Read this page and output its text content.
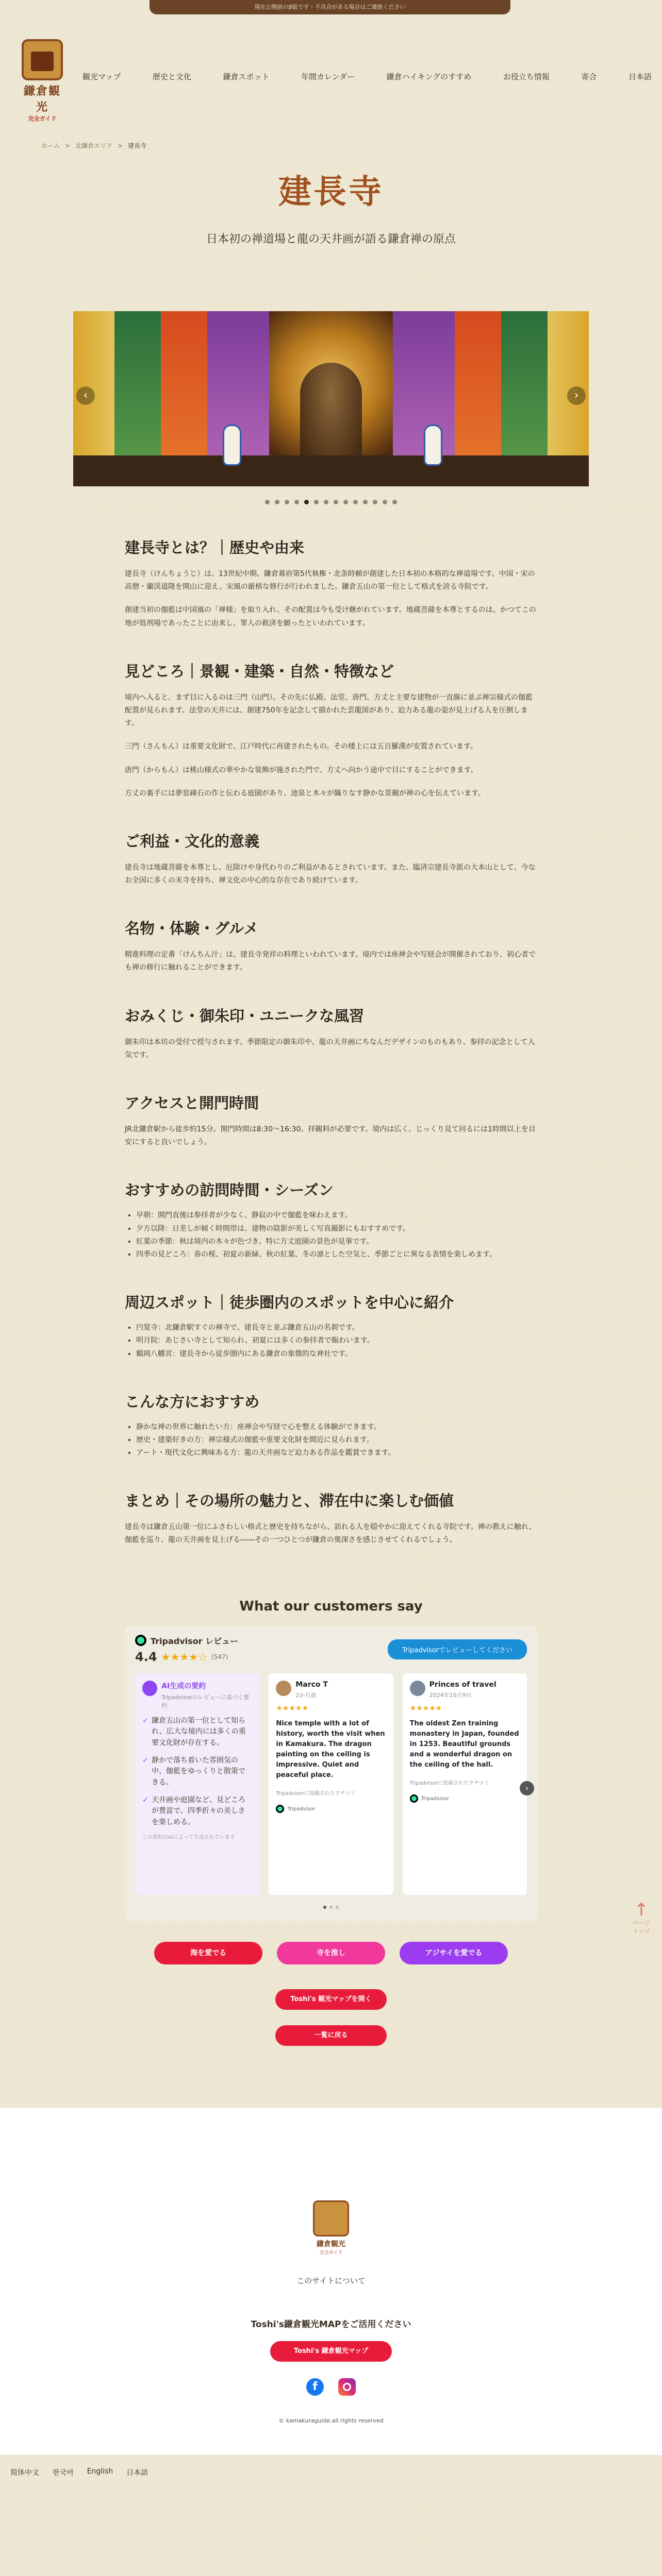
現在公開前のβ版です・不具合がある場合はご連絡ください
鎌倉観光
完全ガイド
観光マップ	歴史と文化	鎌倉スポット	年間カレンダー	鎌倉ハイキングのすすめ	お役立ち情報	寄合	日本語
ホーム > 北鎌倉エリア > 建長寺
建長寺
日本初の禅道場と龍の天井画が語る鎌倉禅の原点
‹	›
建長寺とは？｜歴史や由来

建長寺（けんちょうじ）は、13世紀中期、鎌倉幕府第5代執権・北条時頼が創建した日本初の本格的な禅道場です。中国・宋の高僧・蘭渓道隆を開山に迎え、宋風の厳格な修行が行われました。鎌倉五山の第一位として格式を誇る寺院です。

創建当初の伽藍は中国風の「禅様」を取り入れ、その配置は今も受け継がれています。地蔵菩薩を本尊とするのは、かつてこの地が処刑場であったことに由来し、罪人の救済を願ったといわれています。

見どころ｜景観・建築・自然・特徴など

境内へ入ると、まず目に入るのは三門（山門）。その先に仏殿、法堂、唐門、方丈と主要な建物が一直線に並ぶ禅宗様式の伽藍配置が見られます。法堂の天井には、創建750年を記念して描かれた雲龍図があり、迫力ある龍の姿が見上げる人を圧倒します。

三門（さんもん）は重要文化財で、江戸時代に再建されたもの。その楼上には五百羅漢が安置されています。

唐門（からもん）は桃山様式の華やかな装飾が施された門で、方丈へ向かう途中で目にすることができます。

方丈の裏手には夢窓疎石の作と伝わる庭園があり、池泉と木々が織りなす静かな景観が禅の心を伝えています。

ご利益・文化的意義

建長寺は地蔵菩薩を本尊とし、厄除けや身代わりのご利益があるとされています。また、臨済宗建長寺派の大本山として、今なお全国に多くの末寺を持ち、禅文化の中心的な存在であり続けています。

名物・体験・グルメ

精進料理の定番「けんちん汁」は、建長寺発祥の料理といわれています。境内では座禅会や写経会が開催されており、初心者でも禅の修行に触れることができます。

おみくじ・御朱印・ユニークな風習

御朱印は本坊の受付で授与されます。季節限定の御朱印や、龍の天井画にちなんだデザインのものもあり、参拝の記念として人気です。

アクセスと開門時間

JR北鎌倉駅から徒歩約15分。開門時間は8:30〜16:30。拝観料が必要です。境内は広く、じっくり見て回るには1時間以上を目安にすると良いでしょう。

おすすめの訪問時間・シーズン
• 早朝：開門直後は参拝者が少なく、静寂の中で伽藍を味わえます。
• 夕方以降：日差しが傾く時間帯は、建物の陰影が美しく写真撮影にもおすすめです。
• 紅葉の季節：秋は境内の木々が色づき、特に方丈庭園の景色が見事です。
• 四季の見どころ：春の桜、初夏の新緑、秋の紅葉、冬の凛とした空気と、季節ごとに異なる表情を楽しめます。
周辺スポット｜徒歩圏内のスポットを中心に紹介
• 円覚寺：北鎌倉駅すぐの禅寺で、建長寺と並ぶ鎌倉五山の名刹です。
• 明月院：あじさい寺として知られ、初夏には多くの参拝者で賑わいます。
• 鶴岡八幡宮：建長寺から徒歩圏内にある鎌倉の象徴的な神社です。
こんな方におすすめ
• 静かな禅の世界に触れたい方：座禅会や写経で心を整える体験ができます。
• 歴史・建築好きの方：禅宗様式の伽藍や重要文化財を間近に見られます。
• アート・現代文化に興味ある方：龍の天井画など迫力ある作品を鑑賞できます。
まとめ｜その場所の魅力と、滞在中に楽しむ価値

建長寺は鎌倉五山第一位にふさわしい格式と歴史を持ちながら、訪れる人を穏やかに迎えてくれる寺院です。禅の教えに触れ、伽藍を巡り、龍の天井画を見上げる――その一つひとつが鎌倉の奥深さを感じさせてくれるでしょう。

What our customers say
Tripadvisor レビュー
4.4 ★★★★☆ (547)
Tripadvisorでレビューしてください
AI生成の要約
Tripadvisorのレビューに基づく要約
✓ 鎌倉五山の第一位として知られ、広大な境内には多くの重要文化財が存在する。
✓ 静かで落ち着いた雰囲気の中、伽藍をゆっくりと散策できる。
✓ 天井画や庭園など、見どころが豊富で、四季折々の美しさを楽しめる。
この要約はAIによって生成されています
Marco T
2か月前
★★★★★
Nice temple with a lot of history, worth the visit when in Kamakura. The dragon painting on the ceiling is impressive. Quiet and peaceful place.
Tripadvisorに投稿されたクチコミ
Tripadvisor
Princes of travel
2024年10月9日
★★★★★
The oldest Zen training monastery in Japan, founded in 1253. Beautiful grounds and a wonderful dragon on the ceiling of the hall.
Tripadvisorに投稿されたクチコミ
Tripadvisor
›
海を愛でる	寺を推し	アジサイを愛でる
Toshi's 観光マップを開く
一覧に戻る
↑
ページトップ
鎌倉観光
完全ガイド
このサイトについて
Toshi's鎌倉観光MAPをご活用ください
Toshi's 鎌倉観光マップ
f
© kamakuraguide.all rights reserved
简体中文 한국어 English 日本語
